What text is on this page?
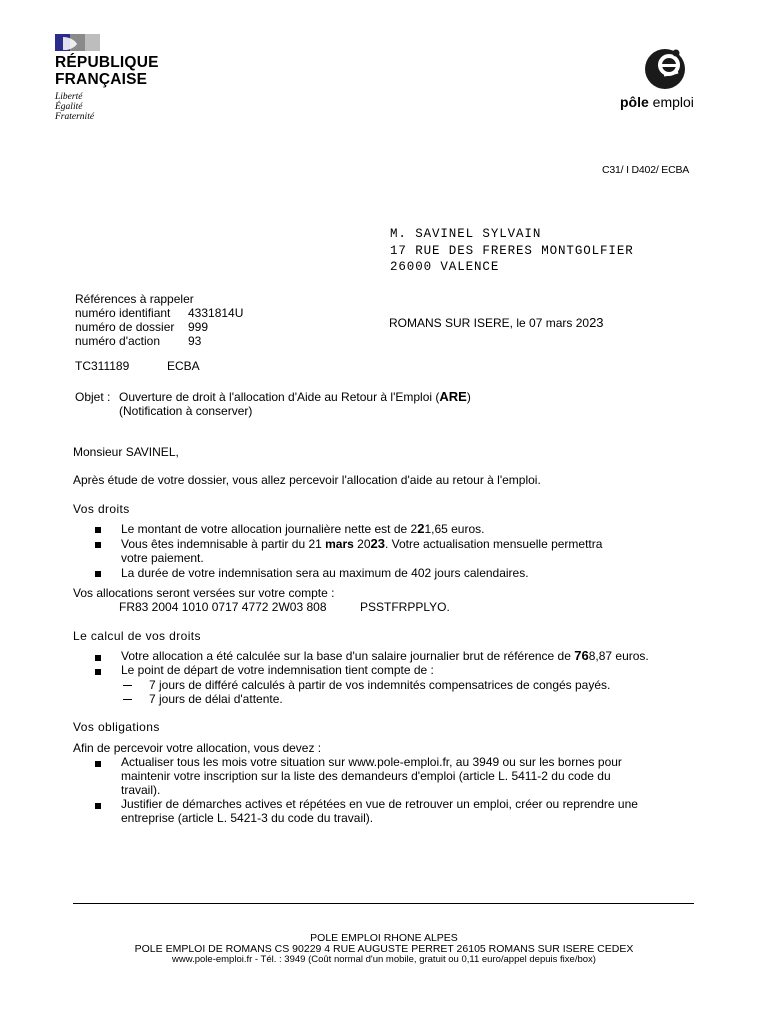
RÉPUBLIQUE
FRANÇAISE
Liberté
Égalité
Fraternité
pôle emploi
C31/ I D402/ ECBA
M. SAVINEL SYLVAIN
17 RUE DES FRERES MONTGOLFIER
26000 VALENCE
Références à rappeler
numéro identifiant 4331814U
numéro de dossier 999
numéro d'action 93
ROMANS SUR ISERE, le 07 mars 2023
TC311189	ECBA
Objet : Ouverture de droit à l'allocation d'Aide au Retour à l'Emploi (ARE)
(Notification à conserver)
Monsieur SAVINEL,
Après étude de votre dossier, vous allez percevoir l'allocation d'aide au retour à l'emploi.
Vos droits
Le montant de votre allocation journalière nette est de 221,65 euros.
Vous êtes indemnisable à partir du 21 mars 2023. Votre actualisation mensuelle permettra
votre paiement.
La durée de votre indemnisation sera au maximum de 402 jours calendaires.
Vos allocations seront versées sur votre compte :
FR83 2004 1010 0717 4772 2W03 808	PSSTFRPPLYO.
Le calcul de vos droits
Votre allocation a été calculée sur la base d'un salaire journalier brut de référence de 768,87 euros.
Le point de départ de votre indemnisation tient compte de :
7 jours de différé calculés à partir de vos indemnités compensatrices de congés payés.
7 jours de délai d'attente.
Vos obligations
Afin de percevoir votre allocation, vous devez :
Actualiser tous les mois votre situation sur www.pole-emploi.fr, au 3949 ou sur les bornes pour
maintenir votre inscription sur la liste des demandeurs d'emploi (article L. 5411-2 du code du
travail).
Justifier de démarches actives et répétées en vue de retrouver un emploi, créer ou reprendre une
entreprise (article L. 5421-3 du code du travail).
POLE EMPLOI RHONE ALPES
POLE EMPLOI DE ROMANS CS 90229 4 RUE AUGUSTE PERRET 26105 ROMANS SUR ISERE CEDEX
www.pole-emploi.fr - Tél. : 3949 (Coût normal d'un mobile, gratuit ou 0,11 euro/appel depuis fixe/box)
